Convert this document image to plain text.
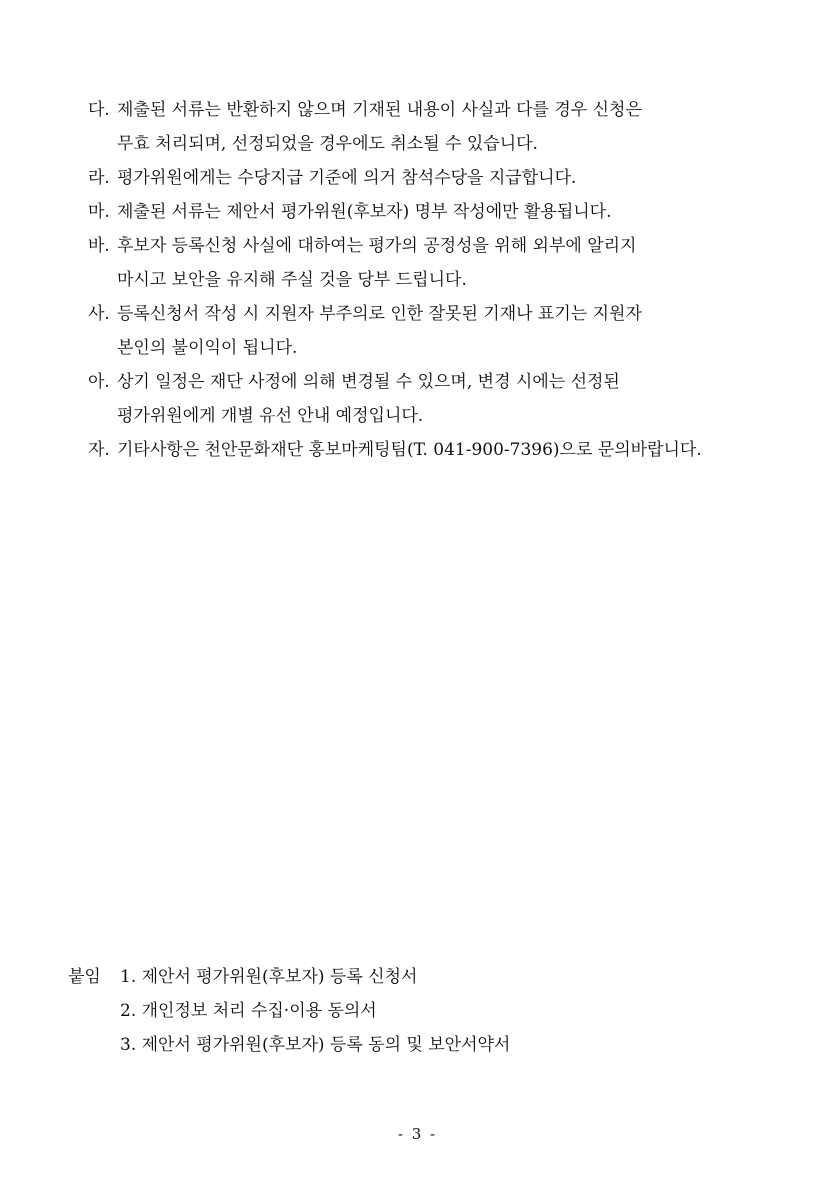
다. 제출된 서류는 반환하지 않으며 기재된 내용이 사실과 다를 경우 신청은
무효 처리되며, 선정되었을 경우에도 취소될 수 있습니다.
라. 평가위원에게는 수당지급 기준에 의거 참석수당을 지급합니다.
마. 제출된 서류는 제안서 평가위원(후보자) 명부 작성에만 활용됩니다.
바. 후보자 등록신청 사실에 대하여는 평가의 공정성을 위해 외부에 알리지
마시고 보안을 유지해 주실 것을 당부 드립니다.
사. 등록신청서 작성 시 지원자 부주의로 인한 잘못된 기재나 표기는 지원자
본인의 불이익이 됩니다.
아. 상기 일정은 재단 사정에 의해 변경될 수 있으며, 변경 시에는 선정된
평가위원에게 개별 유선 안내 예정입니다.
자. 기타사항은 천안문화재단 홍보마케팅팀(T. 041-900-7396)으로 문의바랍니다.
붙임	1. 제안서 평가위원(후보자) 등록 신청서
2. 개인정보 처리 수집·이용 동의서
3. 제안서 평가위원(후보자) 등록 동의 및 보안서약서
- 3 -
